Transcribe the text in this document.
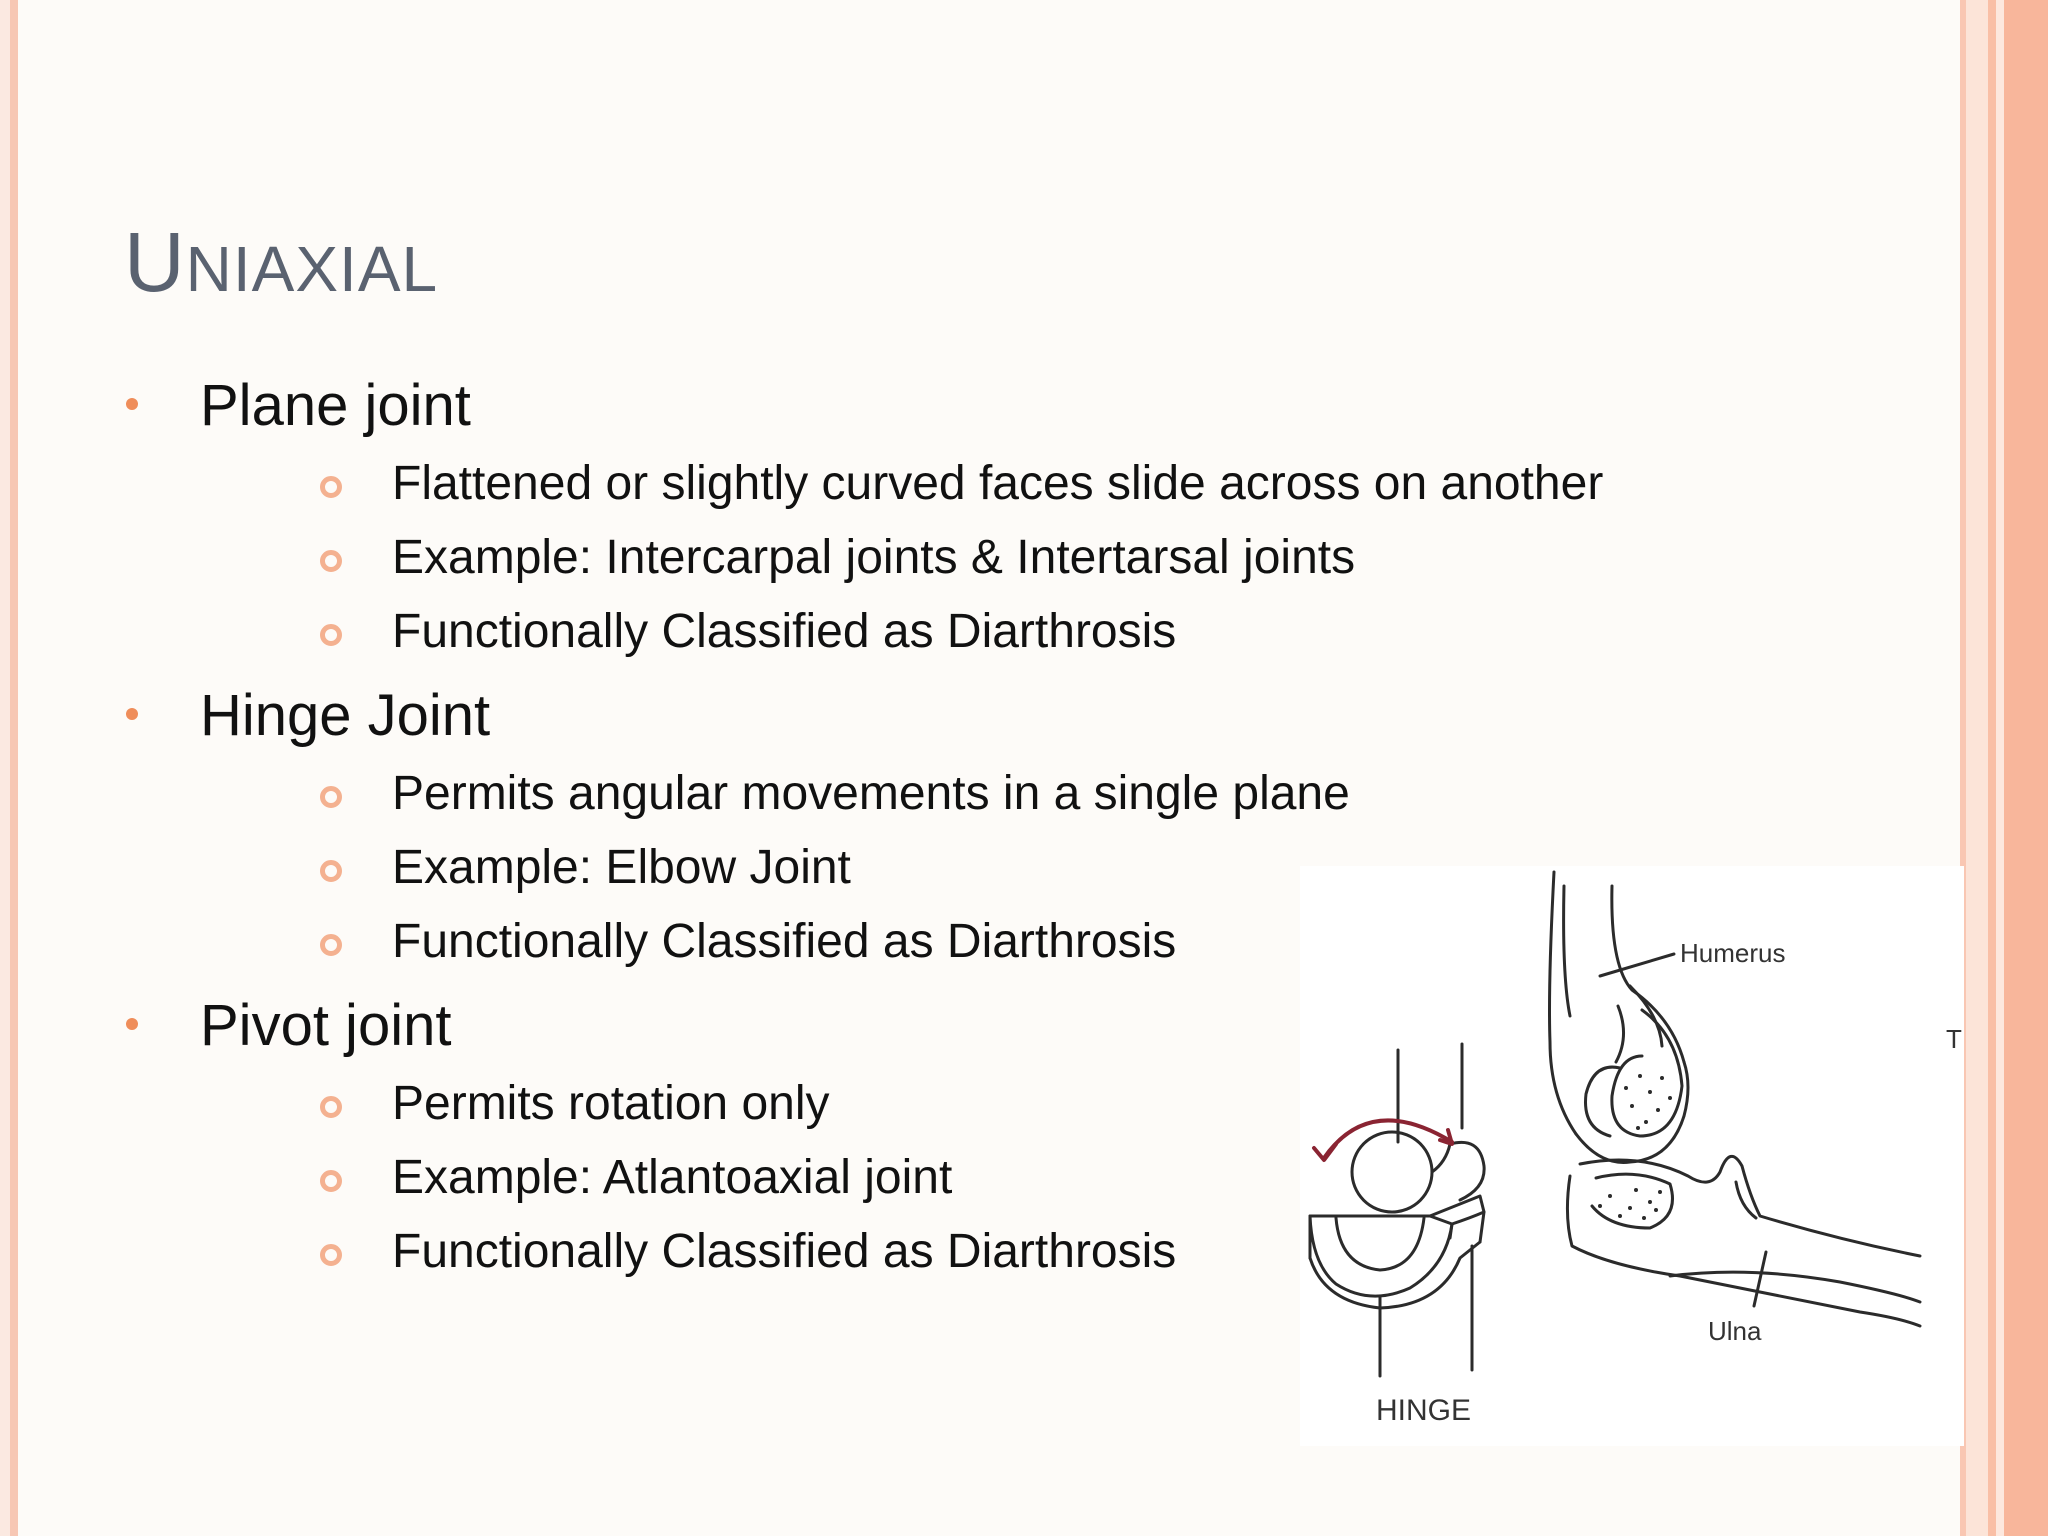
UNIAXIAL
Plane joint
Flattened or slightly curved faces slide across on another
Example: Intercarpal joints & Intertarsal joints
Functionally Classified as Diarthrosis
Hinge Joint
Permits angular movements in a single plane
Example: Elbow Joint
Functionally Classified as Diarthrosis
Pivot joint
Permits rotation only
Example: Atlantoaxial joint
Functionally Classified as Diarthrosis
Humerus
Ulna
HINGE
T
